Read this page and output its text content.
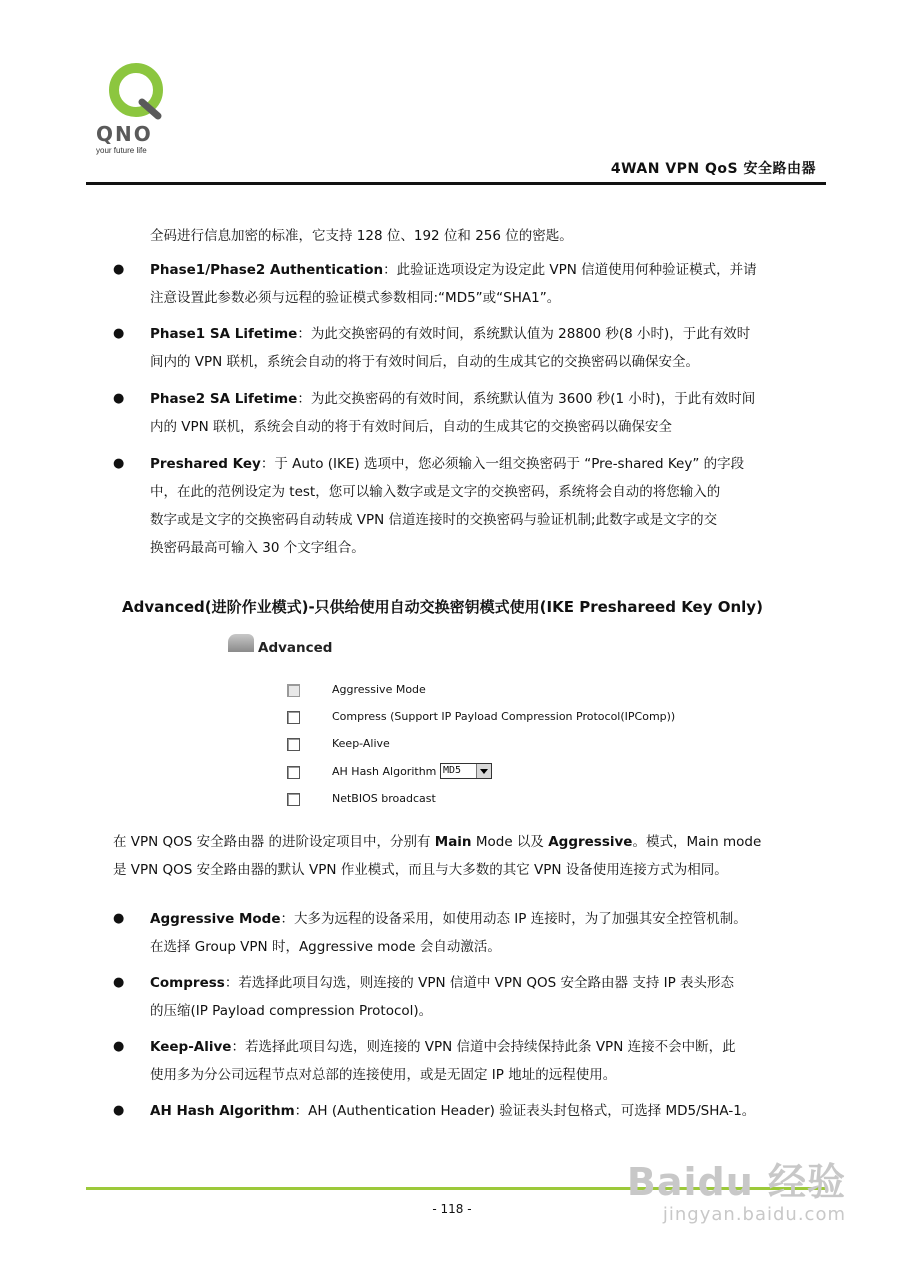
QNO
your future life
4WAN VPN QoS 安全路由器
全码进行信息加密的标准，它支持 128 位、192 位和 256 位的密匙。
● Phase1/Phase2 Authentication：此验证选项设定为设定此 VPN 信道使用何种验证模式，并请
注意设置此参数必须与远程的验证模式参数相同:“MD5”或“SHA1”。
● Phase1 SA Lifetime：为此交换密码的有效时间，系统默认值为 28800 秒(8 小时)，于此有效时
间内的 VPN 联机，系统会自动的将于有效时间后，自动的生成其它的交换密码以确保安全。
● Phase2 SA Lifetime：为此交换密码的有效时间，系统默认值为 3600 秒(1 小时)，于此有效时间
内的 VPN 联机，系统会自动的将于有效时间后，自动的生成其它的交换密码以确保安全
● Preshared Key：于 Auto (IKE) 选项中，您必须输入一组交换密码于 “Pre-shared Key” 的字段
中，在此的范例设定为 test，您可以输入数字或是文字的交换密码，系统将会自动的将您输入的
数字或是文字的交换密码自动转成 VPN 信道连接时的交换密码与验证机制;此数字或是文字的交
换密码最高可输入 30 个文字组合。
Advanced(进阶作业模式)-只供给使用自动交换密钥模式使用(IKE Preshareed Key Only)
Advanced
Aggressive Mode
Compress (Support IP Payload Compression Protocol(IPComp))
Keep-Alive
AH Hash Algorithm MD5
NetBIOS broadcast
在 VPN QOS 安全路由器 的进阶设定项目中，分别有 Main Mode 以及 Aggressive。模式，Main mode
是 VPN QOS 安全路由器的默认 VPN 作业模式，而且与大多数的其它 VPN 设备使用连接方式为相同。
● Aggressive Mode：大多为远程的设备采用，如使用动态 IP 连接时，为了加强其安全控管机制。
在选择 Group VPN 时，Aggressive mode 会自动激活。
● Compress：若选择此项目勾选，则连接的 VPN 信道中 VPN QOS 安全路由器 支持 IP 表头形态
的压缩(IP Payload compression Protocol)。
● Keep-Alive：若选择此项目勾选，则连接的 VPN 信道中会持续保持此条 VPN 连接不会中断，此
使用多为分公司远程节点对总部的连接使用，或是无固定 IP 地址的远程使用。
● AH Hash Algorithm：AH (Authentication Header) 验证表头封包格式，可选择 MD5/SHA-1。
- 118 -
Baidu 经验
jingyan.baidu.com
